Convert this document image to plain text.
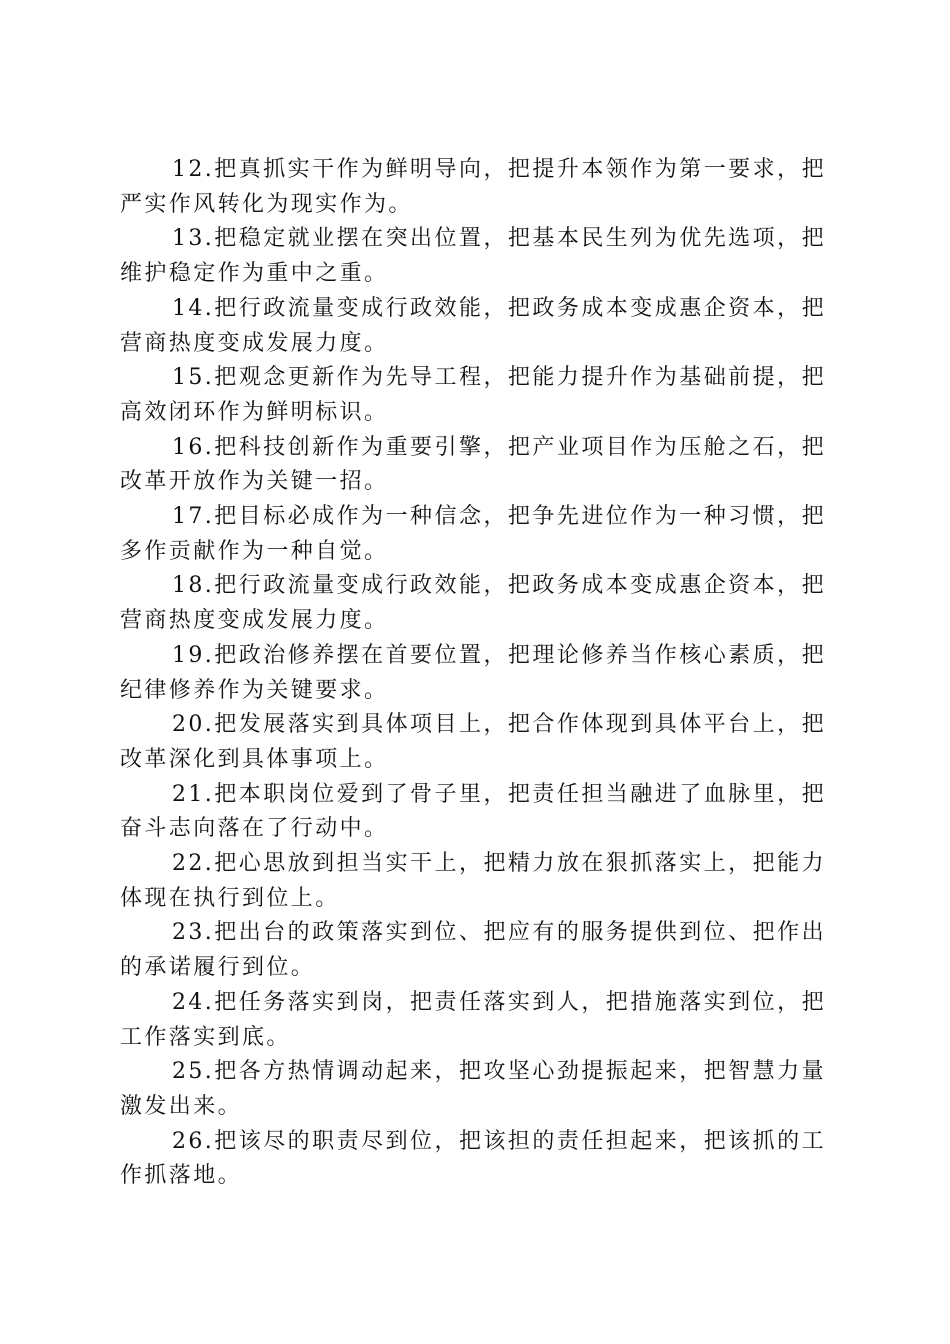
12.把真抓实干作为鲜明导向，把提升本领作为第一要求，把严实作风转化为现实作为。

13.把稳定就业摆在突出位置，把基本民生列为优先选项，把维护稳定作为重中之重。

14.把行政流量变成行政效能，把政务成本变成惠企资本，把营商热度变成发展力度。

15.把观念更新作为先导工程，把能力提升作为基础前提，把高效闭环作为鲜明标识。

16.把科技创新作为重要引擎，把产业项目作为压舱之石，把改革开放作为关键一招。

17.把目标必成作为一种信念，把争先进位作为一种习惯，把多作贡献作为一种自觉。

18.把行政流量变成行政效能，把政务成本变成惠企资本，把营商热度变成发展力度。

19.把政治修养摆在首要位置，把理论修养当作核心素质，把纪律修养作为关键要求。

20.把发展落实到具体项目上，把合作体现到具体平台上，把改革深化到具体事项上。

21.把本职岗位爱到了骨子里，把责任担当融进了血脉里，把奋斗志向落在了行动中。

22.把心思放到担当实干上，把精力放在狠抓落实上，把能力体现在执行到位上。

23.把出台的政策落实到位、把应有的服务提供到位、把作出的承诺履行到位。

24.把任务落实到岗，把责任落实到人，把措施落实到位，把工作落实到底。

25.把各方热情调动起来，把攻坚心劲提振起来，把智慧力量激发出来。

26.把该尽的职责尽到位，把该担的责任担起来，把该抓的工作抓落地。
